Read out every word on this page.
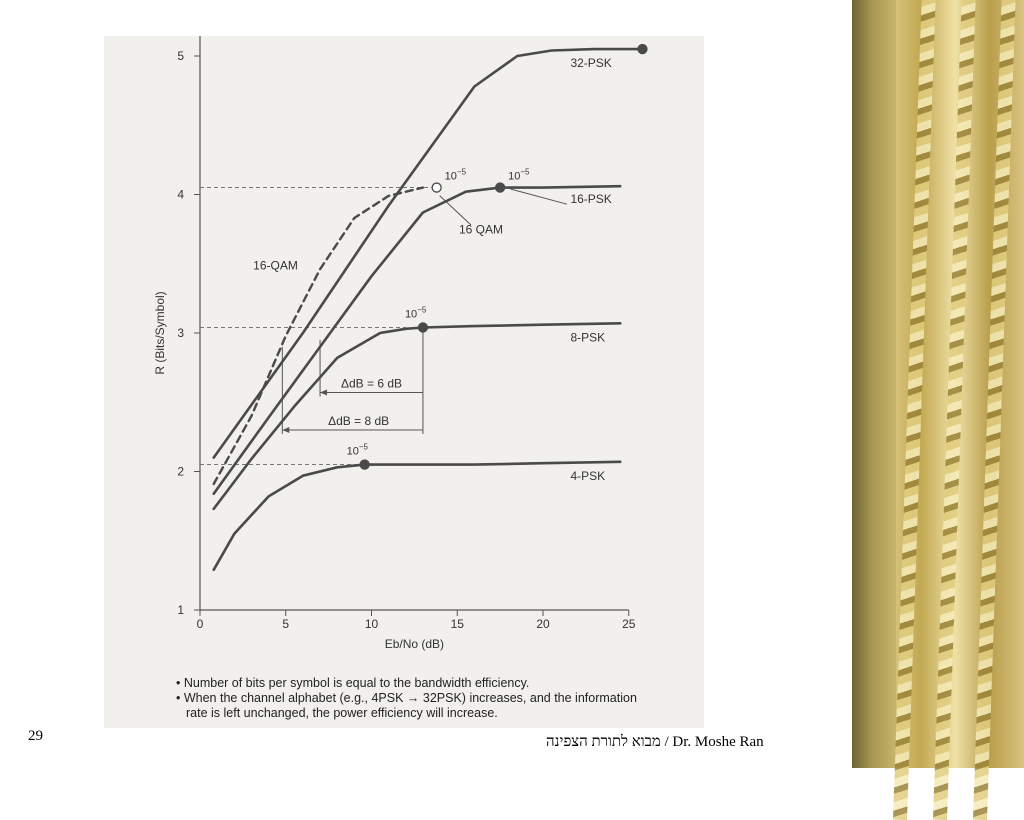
0	5	10	15	20	25
1
2
3
4
5
Eb/No (dB)
R (Bits/Symbol)
32-PSK
16-PSK
8-PSK
4-PSK
16-QAM
$10^{-5}$
$10^{-5}$
$10^{-5}$
$10^{-5}$
16 QAM
ΔdB = 6 dB
ΔdB = 8 dB
• Number of bits per symbol is equal to the bandwidth efficiency.
• When the channel alphabet (e.g., 4PSK → 32PSK) increases, and the information
rate is left unchanged, the power efficiency will increase.
29	מבוא לתורת הצפינה / Dr. Moshe Ran
